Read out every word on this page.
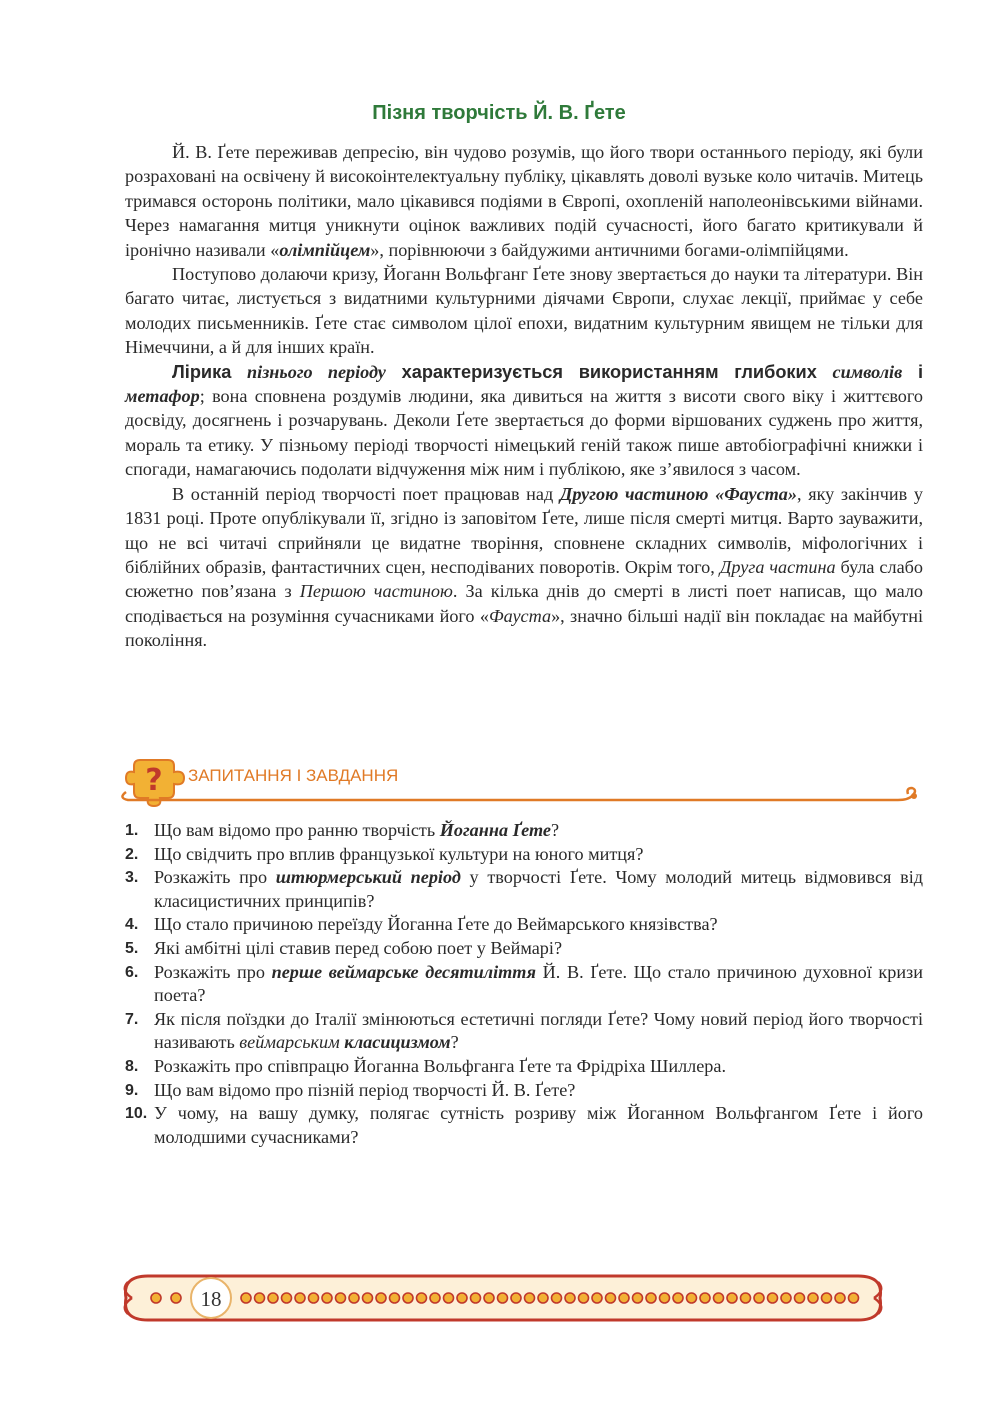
Пізня творчість Й. В. Ґете

Й. В. Ґете переживав депресію, він чудово розумів, що його твори останнього періоду, які були розраховані на освічену й високоінтелектуальну публіку, цікавлять доволі вузьке коло читачів. Митець тримався осторонь політики, мало цікавився подіями в Європі, охопленій наполеонівськими війнами. Через намагання митця уникнути оцінок важливих подій сучасності, його багато критикували й іронічно називали «олімпійцем», порівнюючи з байдужими античними богами-олімпійцями.

Поступово долаючи кризу, Йоганн Вольфганг Ґете знову звертається до науки та літератури. Він багато читає, листується з видатними культурними діячами Європи, слухає лекції, приймає у себе молодих письменників. Ґете стає символом цілої епохи, видатним культурним явищем не тільки для Німеччини, а й для інших країн.

Лірика пізнього періоду характеризується використанням глибоких символів і метафор; вона сповнена роздумів людини, яка дивиться на життя з висоти свого віку і життєвого досвіду, досягнень і розчарувань. Деколи Ґете звертається до форми віршованих суджень про життя, мораль та етику. У пізньому періоді творчості німецький геній також пише автобіографічні книжки і спогади, намагаючись подолати відчуження між ним і публікою, яке з’явилося з часом.

В останній період творчості поет працював над Другою частиною «Фауста», яку закінчив у 1831 році. Проте опублікували її, згідно із заповітом Ґете, лише після смерті митця. Варто зауважити, що не всі читачі сприйняли це видатне творіння, сповнене складних символів, міфологічних і біблійних образів, фантастичних сцен, несподіваних поворотів. Окрім того, Друга частина була слабо сюжетно пов’язана з Першою частиною. За кілька днів до смерті в листі поет написав, що мало сподівається на розуміння сучасниками його «Фауста», значно більші надії він покладає на майбутні покоління.

? ЗАПИТАННЯ І ЗАВДАННЯ
1. Що вам відомо про ранню творчість Йоганна Ґете?
2. Що свідчить про вплив французької культури на юного митця?
3. Розкажіть про штюрмерський період у творчості Ґете. Чому молодий митець відмовився від класицистичних принципів?
4. Що стало причиною переїзду Йоганна Ґете до Веймарського князівства?
5. Які амбітні цілі ставив перед собою поет у Веймарі?
6. Розкажіть про перше веймарське десятиліття Й. В. Ґете. Що стало причиною духовної кризи поета?
7. Як після поїздки до Італії змінюються естетичні погляди Ґете? Чому новий період його творчості називають веймарським класицизмом?
8. Розкажіть про співпрацю Йоганна Вольфганга Ґете та Фрідріха Шиллера.
9. Що вам відомо про пізній період творчості Й. В. Ґете?
10. У чому, на вашу думку, полягає сутність розриву між Йоганном Вольфгангом Ґете і його молодшими сучасниками?
18
